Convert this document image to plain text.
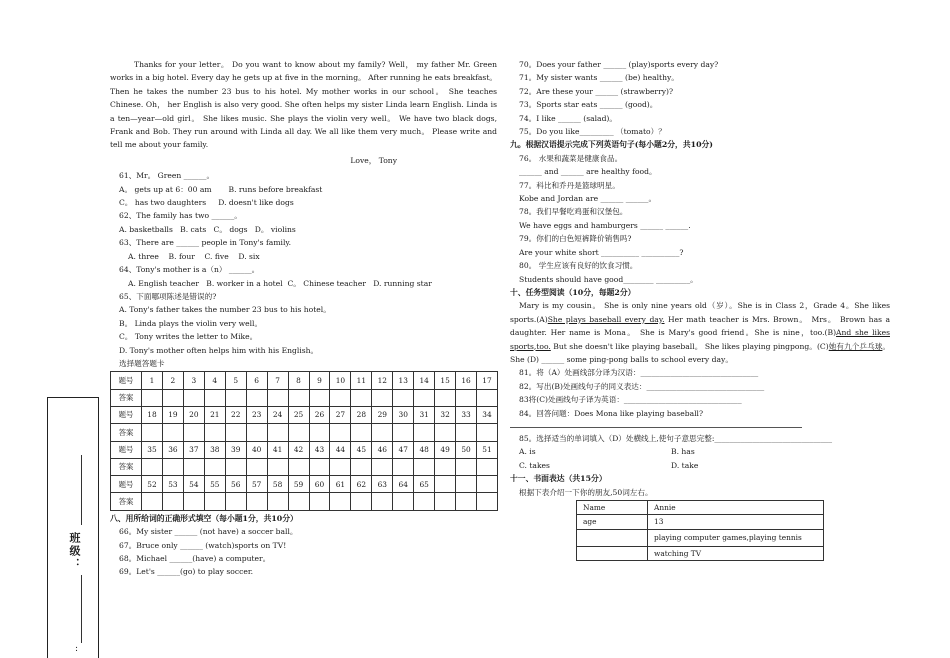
班级：
:

Thanks for your letter。 Do you want to know about my family? Well， my father Mr. Green works in a big hotel. Every day he gets up at five in the morning。 After running he eats breakfast。 Then he takes the number 23 bus to his hotel. My mother works in our school。 She teaches Chinese. Oh， her English is also very good. She often helps my sister Linda learn English. Linda is a ten—year—old girl。 She likes music. She plays the violin very well。 We have two black dogs, Frank and Bob. They run around with Linda all day. We all like them very much。 Please write and tell me about your family.

Love， Tony

61、Mr。 Green ______。
A。 gets up at 6：00 am B. runs before breakfast
C。 has two daughters D. doesn't like dogs
62、The family has two ______。
A. basketballs B. cats C。 dogs D。 violins
63、There are ______ people in Tony's family.
A. three B. four C. five D. six
64、Tony's mother is a（n） ______。
A. English teacher B. worker in a hotel C。 Chinese teacher D. running star
65、下面哪项陈述是错误的?
A. Tony's father takes the number 23 bus to his hotel。
B。 Linda plays the violin very well。
C。 Tony writes the letter to Mike。
D. Tony's mother often helps him with his English。
选择题答题卡
题号	1	2	3	4	5	6	7	8	9	10	11	12	13	14	15	16	17
答案																	
题号	18	19	20	21	22	23	24	25	26	27	28	29	30	31	32	33	34
答案																	
题号	35	36	37	38	39	40	41	42	43	44	45	46	47	48	49	50	51
答案																	
题号	52	53	54	55	56	57	58	59	60	61	62	63	64	65			
答案																	
八、用所给词的正确形式填空（每小题1分，共10分）
66。My sister ______ (not have) a soccer ball。
67。Bruce only ______ (watch)sports on TV!
68。Michael ______(have) a computer。
69。Let's ______(go) to play soccer.
70。Does your father ______ (play)sports every day?
71。My sister wants ______ (be) healthy。
72。Are these your ______ (strawberry)?
73。Sports star eats ______ (good)。
74。I like ______ (salad)。
75。Do you like_________ （tomato）？
九。根据汉语提示完成下列英语句子(每小题2分，共10分)
76。 水果和蔬菜是健康食品。
______ and ______ are healthy food。
77。科比和乔丹是篮球明星。
Kobe and Jordan are ______ ______。
78。我们早餐吃鸡蛋和汉堡包。
We have eggs and hamburgers ______ ______.
79。你们的白色短裤降价销售吗?
Are your white short __________ __________?
80。 学生应该有良好的饮食习惯。
Students should have good________ _________。
十、任务型阅读（10分，每题2分）

Mary is my cousin。 She is only nine years old（岁）。She is in Class 2，Grade 4。She likes sports.(A)She plays baseball every day. Her math teacher is Mrs. Brown。 Mrs。 Brown has a daughter. Her name is Mona。 She is Mary's good friend。She is nine，too.(B)And she likes sports,too. But she doesn't like playing baseball。 She likes playing pingpong。(C)她有九个乒乓球。She (D) ______ some ping-pong balls to school every day。

81。将（A）处画线部分译为汉语：_______________________________
82。写出(B)处画线句子的同义表达：_______________________________
83将(C)处画线句子译为英语：_______________________________
84。回答问题：Does Mona like playing baseball?
85。选择适当的单词填入（D）处横线上,使句子意思完整:_______________________________
A. is	B. has
C. takes	D. take
十一、书面表达（共15分）
根据下表介绍一下你的朋友,50词左右。
Name	Annie
age	13
	playing computer games,playing tennis
	watching TV
